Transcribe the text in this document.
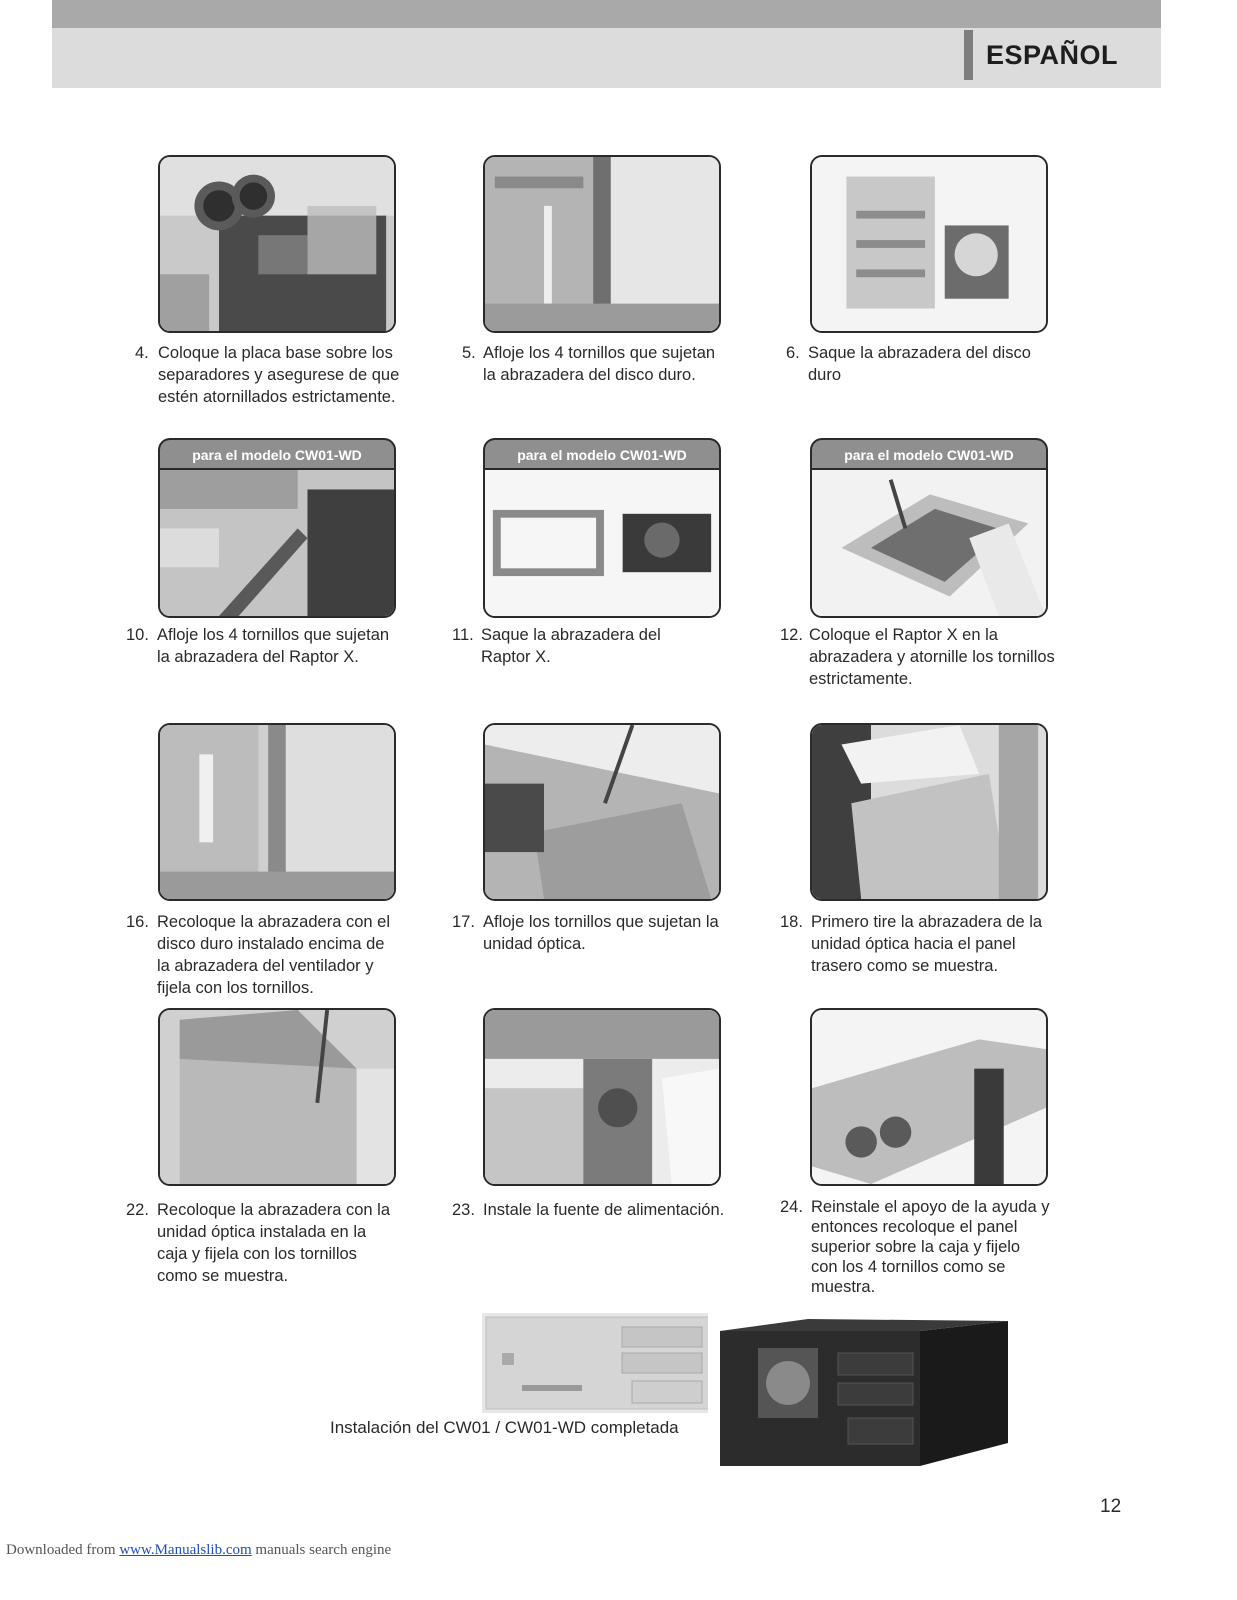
ESPAÑOL
4. Coloque la placa base sobre los
separadores y asegurese de que
estén atornillados estrictamente.
5. Afloje los 4 tornillos que sujetan
la abrazadera del disco duro.
6. Saque la abrazadera del disco
duro
para el modelo CW01-WD	para el modelo CW01-WD	para el modelo CW01-WD
10. Afloje los 4 tornillos que sujetan
la abrazadera del Raptor X.
11. Saque la abrazadera del
Raptor X.
12. Coloque el Raptor X en la
abrazadera y atornille los tornillos
estrictamente.
16. Recoloque la abrazadera con el
disco duro instalado encima de
la abrazadera del ventilador y
fijela con los tornillos.
17. Afloje los tornillos que sujetan la
unidad óptica.
18. Primero tire la abrazadera de la
unidad óptica hacia el panel
trasero como se muestra.
22. Recoloque la abrazadera con la
unidad óptica instalada en la
caja y fijela con los tornillos
como se muestra.
23. Instale la fuente de alimentación.	24. Reinstale el apoyo de la ayuda y
entonces recoloque el panel
superior sobre la caja y fijelo
con los 4 tornillos como se
muestra.
Instalación del CW01 / CW01-WD completada
12
Downloaded from www.Manualslib.com manuals search engine
